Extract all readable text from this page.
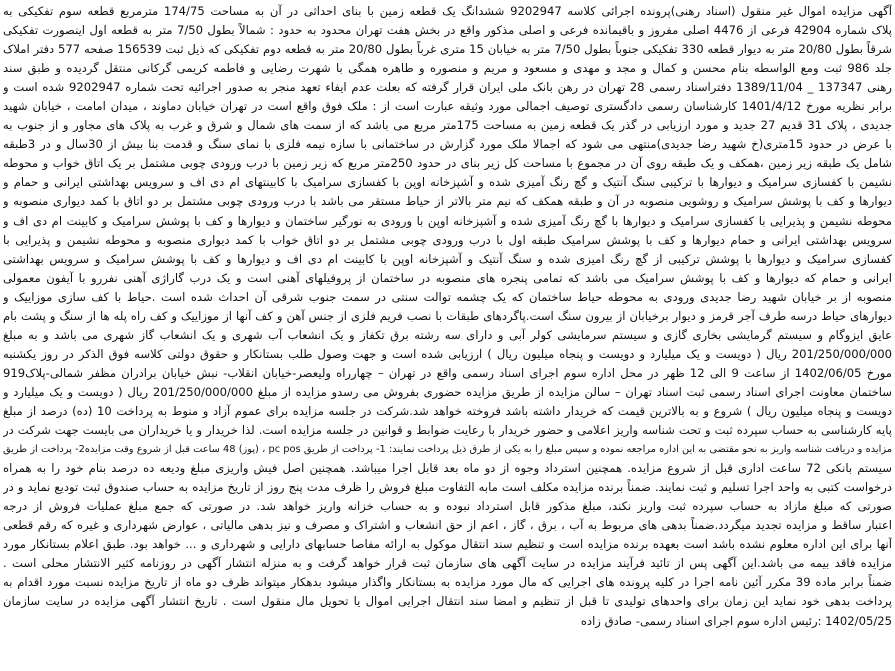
آگهی مزایده اموال غیر منقول (اسناد رهنی)پرونده اجرائی کلاسه 9202947 ششدانگ یک قطعه زمین با بنای احداثی در آن به مساحت 174/75 مترمربع قطعه سوم تفکیکی به
پلاک شماره 42904 فرعی از 4476 اصلی مفروز و باقیمانده فرعی و اصلی مذکور واقع در بخش هفت تهران محدود به حدود : شمالاً بطول 7/50 متر به قطعه اول اینصورت تفکیکی
شرقاً بطول 20/80 متر به دیوار قطعه 330 تفکیکی جنوباً بطول 7/50 متر به خیابان 15 متری غرباً بطول 20/80 متر به قطعه دوم تفکیکی که ذیل ثبت 156539 صفحه 577 دفتر املاک
جلد 986 ثبت ومع الواسطه بنام محسن و کمال و مجد و مهدی و مسعود و مریم و منصوره و طاهره همگی با شهرت رضایی و فاطمه کریمی گرکانی منتقل گردیده و طبق سند
رهنی 137347 _ 1389/11/04 دفتراسناد رسمی 28 تهران در رهن بانک ملی ایران قرار گرفته که بعلت عدم ایفاء تعهد منجر به صدور اجرائیه تحت شماره 9202947 شده است و
برابر نظریه مورخ 1401/4/12 کارشناسان رسمی دادگستری توصیف اجمالی مورد وثیقه عبارت است از : ملک فوق واقع است در تهران خیابان دماوند ، میدان امامت ، خیابان شهید
جدیدی ، پلاک 31 قدیم 27 جدید و مورد ارزیابی در گذر یک قطعه زمین به مساحت 175متر مربع می باشد که از سمت های شمال و شرق و غرب به پلاک های مجاور و از جنوب به
با عرض در حدود 15متری(خ شهید رضا جدیدی)منتهی می شود که اجمالا ملک مورد گزارش در ساختمانی با سازه نیمه فلزی با نمای سنگ و قدمت بنا بیش از 30سال و در 3طبقه
شامل یک طبقه زیر زمین ،همکف و یک طبقه روی آن در مجموع با مساحت کل زیر بنای در حدود 250متر مربع که زیر زمین با درب ورودی چوبی مشتمل بر یک اتاق خواب و محوطه
نشیمن با کفسازی سرامیک و دیوارها با ترکیبی سنگ آنتیک و گچ رنگ آمیزی شده و آشپزخانه اوپن با کفسازی سرامیک با کابینتهای ام دی اف و سرویس بهداشتی ایرانی و حمام و
دیوارها و کف با پوشش سرامیک و روشویی منصوبه در آن و طبقه همکف که نیم متر بالاتر از حیاط مستقر می باشد با درب ورودی چوبی مشتمل بر دو اتاق با کمد دیواری منصوبه و
محوطه نشیمن و پذیرایی با کفسازی سرامیک و دیوارها با گچ رنگ آمیزی شده و آشپزخانه اوپن با ورودی به نورگیر ساختمان و دیوارها و کف با پوشش سرامیک و کابینت ام دی اف و
سرویس بهداشتی ایرانی و حمام دیوارها و کف با پوشش سرامیک طبقه اول با درب ورودی چوبی مشتمل بر دو اتاق خواب با کمد دیواری منصوبه و محوطه نشیمن و پذیرایی با
کفسازی سرامیک و دیوارها با پوشش ترکیبی از گچ رنگ امیزی شده و سنگ آنتیک و آشپزخانه اوپن با کابینت ام دی اف و دیوارها و کف با پوشش سرامیک و سرویس بهداشتی
ایرانی و حمام که دیوارها و کف با پوشش سرامیک می باشد که تمامی پنجره های منصوبه در ساختمان از پروفیلهای آهنی است و یک درب گاراژی آهنی نفررو با آیفون معمولی
منصوبه از بر خیابان شهید رضا جدیدی ورودی به محوطه حیاط ساختمان که یک چشمه توالت سنتی در سمت جنوب شرقی آن احداث شده است .حیاط با کف سازی موزاییک و
دیوارهای حیاط درسه طرف آجر قرمز و دیوار برخیابان از بیرون سنگ است.پاگردهای طبقات با نصب فریم فلزی از جنس آهن و کف آنها از موزاییک و کف راه پله ها از سنگ و پشت بام
عایق ایزوگام و سیستم گرمایشی بخاری گازی و سیستم سرمایشی کولر آبی و دارای سه رشته برق تکفاز و یک انشعاب آب شهری و یک انشعاب گاز شهری می باشد و به مبلغ
201/250/000/000 ریال ( دویست و یک میلیارد و دویست و پنجاه میلیون ریال ) ارزیابی شده است و جهت وصول طلب بستانکار و حقوق دولتی کلاسه فوق الذکر در روز یکشنبه
مورخ 1402/06/05 از ساعت 9 الی 12 ظهر در محل اداره سوم اجرای اسناد رسمی واقع در تهران – چهارراه ولیعصر-خیابان انقلاب- نبش خیابان برادران مظفر شمالی-پلاک919
ساختمان معاونت اجرای اسناد رسمی ثبت اسناد تهران – سالن مزایده از طریق مزایده حضوری بفروش می رسدو مزایده از مبلغ 201/250/000/000 ریال ( دویست و یک میلیارد و
دویست و پنجاه میلیون ریال ) شروع و به بالاترین قیمت که خریدار داشته باشد فروخته خواهد شد.شرکت در جلسه مزایده برای عموم آزاد و منوط به پرداخت 10 (ده) درصد از مبلغ
پایه کارشناسی به حساب سپرده ثبت و تحت شناسه واریز اعلامی و حضور خریدار با رعایت ضوابط و قوانین در جلسه مزایده است. لذا خریدار و یا خریداران می بایست جهت شرکت در
مزایده و دریافت شناسه واریز به نحو مقتضی به این اداره مراجعه نموده و سپس مبلغ را به یکی از طرق ذیل پرداخت نمایند: 1- پرداخت از طریق pc pos ، (پوز) 48 ساعت قبل از شروع وقت مزایده2- پرداخت از طریق
سیستم بانکی 72 ساعت اداری قبل از شروع مزایده. همچنین استرداد وجوه از دو ماه بعد قابل اجرا میباشد. همچنین اصل فیش واریزی مبلغ ودیعه ده درصد بنام خود را به همراه
درخواست کتبی به واحد اجرا تسلیم و ثبت نمایند. ضمناً برنده مزایده مکلف است مابه التفاوت مبلغ فروش را ظرف مدت پنج روز از تاریخ مزایده به حساب صندوق ثبت تودیع نماید و در
صورتی که مبلغ مازاد به حساب سپرده ثبت واریز نکند، مبلغ مذکور قابل استرداد نبوده و به حساب خزانه واریز خواهد شد. در صورتی که جمع مبلغ عملیات فروش از درجه
اعتبار ساقط و مزایده تجدید میگردد.ضمناً بدهی های مربوط به آب ، برق ، گاز ، اعم از حق انشعاب و اشتراک و مصرف و نیز بدهی مالیاتی ، عوارض شهرداری و غیره که رقم قطعی
آنها برای این اداره معلوم نشده باشد است بعهده برنده مزایده است و تنظیم سند انتقال موکول به ارائه مفاصا حسابهای دارایی و شهرداری و ... خواهد بود. طبق اعلام بستانکار مورد
مزایده فاقد بیمه می باشد.این آگهی پس از تائید فرآیند مزایده در سایت آگهی های سازمان ثبت قرار خواهد گرفت و به منزله انتشار آگهی در روزنامه کثیر الانتشار محلی است .
ضمناً برابر ماده 39 مکرر آئین نامه اجرا در کلیه پرونده های اجرایی که مال مورد مزایده به بستانکار واگذار میشود بدهکار میتواند ظرف دو ماه از تاریخ مزایده نسبت مورد اقدام به
پرداخت بدهی خود نماید این زمان برای واحدهای تولیدی تا قبل از تنظیم و امضا سند انتقال اجرایی اموال یا تحویل مال منقول است . تاریخ انتشار آگهی مزایده در سایت سازمان
1402/05/25 :رئیس اداره سوم اجرای اسناد رسمی- صادق زاده
